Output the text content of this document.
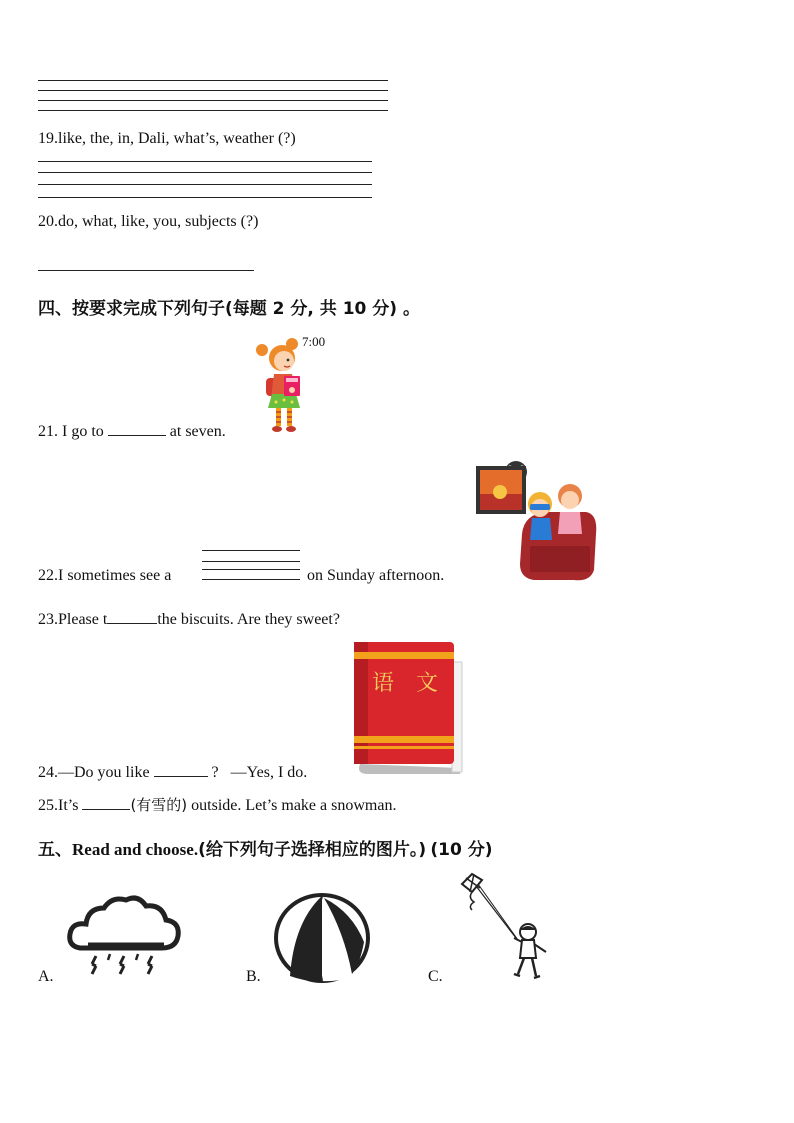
19.like, the, in, Dali, what’s, weather (?)
20.do, what, like, you, subjects (?)
四、按要求完成下列句子(每题 2 分, 共 10 分) 。
7:00
21. I go to	at seven.
22.I sometimes see a	on Sunday afternoon.
23.Please t	the biscuits. Are they sweet?
语 文
24.—Do you like	? —Yes, I do.
25.It’s	(有雪的) outside. Let’s make a snowman.
五、Read and choose.(给下列句子选择相应的图片。) (10 分)
A.	B.	C.
